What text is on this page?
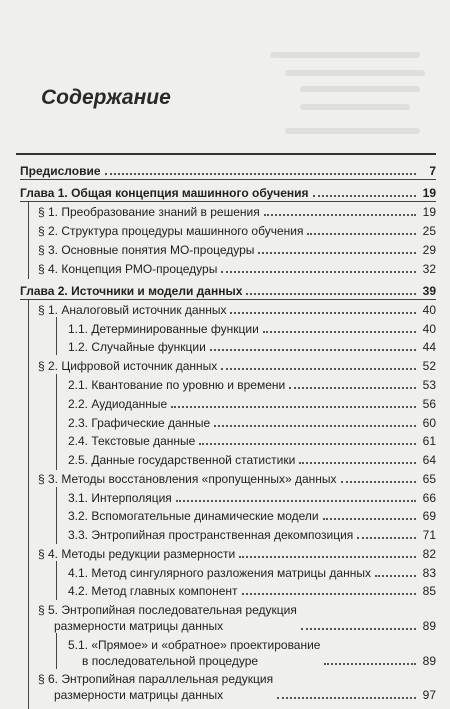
Содержание
Предисловие	7
Глава 1. Общая концепция машинного обучения	19
§ 1. Преобразование знаний в решения	19
§ 2. Структура процедуры машинного обучения	25
§ 3. Основные понятия МО-процедуры	29
§ 4. Концепция РМО-процедуры	32
Глава 2. Источники и модели данных	39
§ 1. Аналоговый источник данных	40
1.1. Детерминированные функции	40
1.2. Случайные функции	44
§ 2. Цифровой источник данных	52
2.1. Квантование по уровню и времени	53
2.2. Аудиоданные	56
2.3. Графические данные	60
2.4. Текстовые данные	61
2.5. Данные государственной статистики	64
§ 3. Методы восстановления «пропущенных» данных	65
3.1. Интерполяция	66
3.2. Вспомогательные динамические модели	69
3.3. Энтропийная пространственная декомпозиция	71
§ 4. Методы редукции размерности	82
4.1. Метод сингулярного разложения матрицы данных	83
4.2. Метод главных компонент	85
§ 5. Энтропийная последовательная редукция
размерности матрицы данных	89
5.1. «Прямое» и «обратное» проектирование
в последовательной процедуре	89
§ 6. Энтропийная параллельная редукция
размерности матрицы данных	97
